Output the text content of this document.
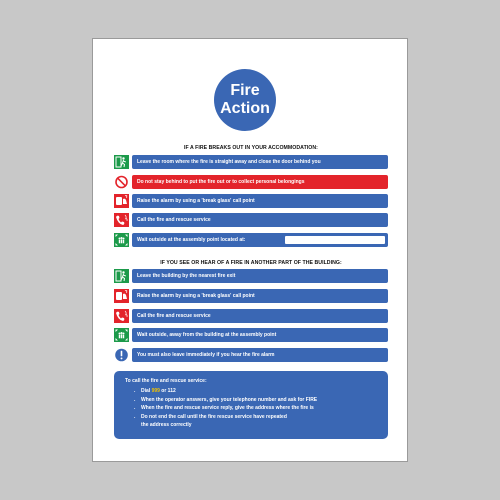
Fire
Action
IF A FIRE BREAKS OUT IN YOUR ACCOMMODATION:
Leave the room where the fire is straight away and close the door behind you
Do not stay behind to put the fire out or to collect personal belongings
Raise the alarm by using a 'break glass' call point
Call the fire and rescue service
Wait outside at the assembly point located at:
IF YOU SEE OR HEAR OF A FIRE IN ANOTHER PART OF THE BUILDING:
Leave the building by the nearest fire exit
Raise the alarm by using a 'break glass' call point
Call the fire and rescue service
Wait outside, away from the building at the assembly point
You must also leave immediately if you hear the fire alarm
To call the fire and rescue service:
. Dial 999 or 112
. When the operator answers, give your telephone number and ask for FIRE
. When the fire and rescue service reply, give the address where the fire is
. Do not end the call until the fire rescue service have repeated
the address correctly
